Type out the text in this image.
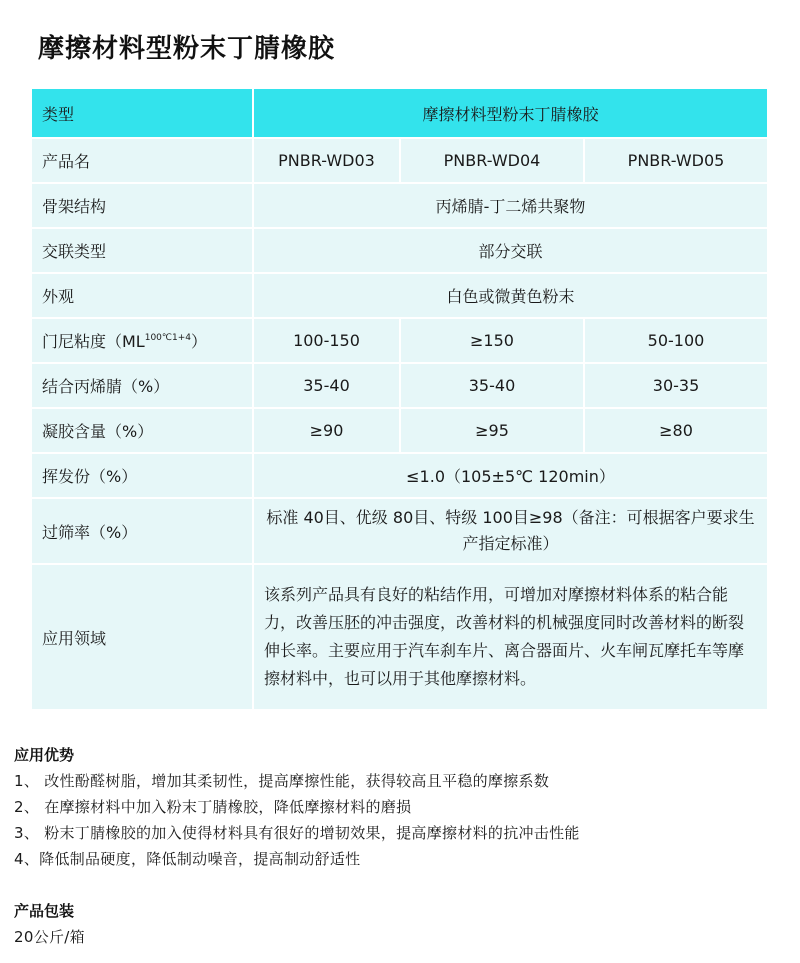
摩擦材料型粉末丁腈橡胶
类型	摩擦材料型粉末丁腈橡胶		
产品名	PNBR-WD03	PNBR-WD04	PNBR-WD05
骨架结构	丙烯腈-丁二烯共聚物		
交联类型	部分交联		
外观	白色或微黄色粉末		
门尼粘度$(ML^{100℃1+4})$	100-150	≥150	50-100
结合丙烯腈（%）	35-40	35-40	30-35
凝胶含量（%）	≥90	≥95	≥80
挥发份（%）	≤1.0（105±5℃ 120min）		
过筛率（%）	标准 40目、优级 80目、特级 100目≥98（备注：可根据客户要求生产指定标准）		
应用领域	该系列产品具有良好的粘结作用，可增加对摩擦材料体系的粘合能力，改善压胚的冲击强度，改善材料的机械强度同时改善材料的断裂伸长率。主要应用于汽车刹车片、离合器面片、火车闸瓦摩托车等摩擦材料中，也可以用于其他摩擦材料。		
应用优势
1、 改性酚醛树脂，增加其柔韧性，提高摩擦性能，获得较高且平稳的摩擦系数
2、 在摩擦材料中加入粉末丁腈橡胶，降低摩擦材料的磨损
3、 粉末丁腈橡胶的加入使得材料具有很好的增韧效果，提高摩擦材料的抗冲击性能
4、降低制品硬度，降低制动噪音，提高制动舒适性
产品包装
20公斤/箱
